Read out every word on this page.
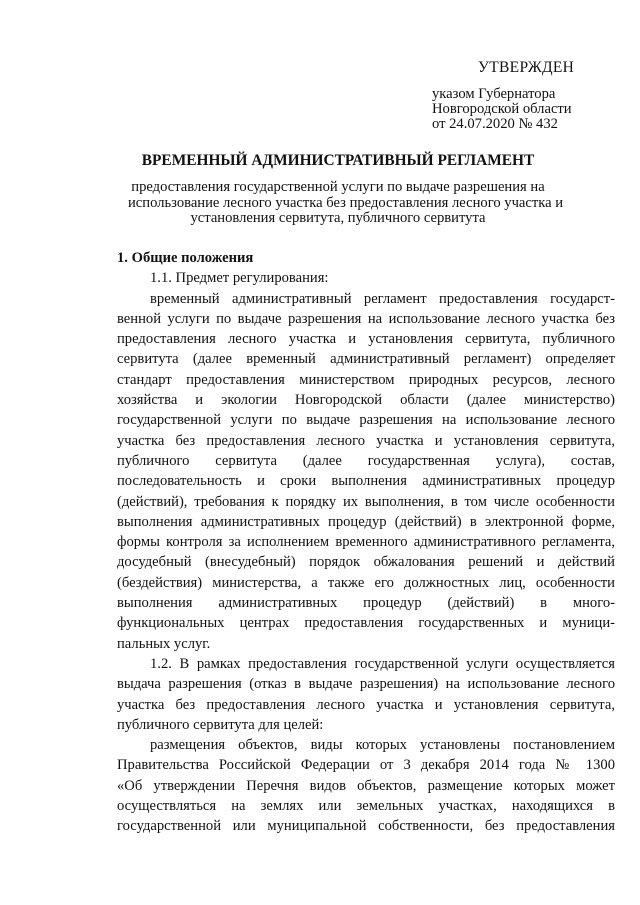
УТВЕРЖДЕН
указом Губернатора
Новгородской области
от 24.07.2020 № 432
ВРЕМЕННЫЙ АДМИНИСТРАТИВНЫЙ РЕГЛАМЕНТ
предоставления государственной услуги по выдаче разрешения на
использование лесного участка без предоставления лесного участка и
установления сервитута, публичного сервитута
1. Общие положения
1.1. Предмет регулирования:
временный административный регламент предоставления государст-
венной услуги по выдаче разрешения на использование лесного участка без
предоставления лесного участка и установления сервитута, публичного
сервитута (далее временный административный регламент) определяет
стандарт предоставления министерством природных ресурсов, лесного
хозяйства и экологии Новгородской области (далее министерство)
государственной услуги по выдаче разрешения на использование лесного
участка без предоставления лесного участка и установления сервитута,
публичного сервитута (далее государственная услуга), состав,
последовательность и сроки выполнения административных процедур
(действий), требования к порядку их выполнения, в том числе особенности
выполнения административных процедур (действий) в электронной форме,
формы контроля за исполнением временного административного регламента,
досудебный (внесудебный) порядок обжалования решений и действий
(бездействия) министерства, а также его должностных лиц, особенности
выполнения административных процедур (действий) в много-
функциональных центрах предоставления государственных и муници-
пальных услуг.
1.2. В рамках предоставления государственной услуги осуществляется
выдача разрешения (отказ в выдаче разрешения) на использование лесного
участка без предоставления лесного участка и установления сервитута,
публичного сервитута для целей:
размещения объектов, виды которых установлены постановлением
Правительства Российской Федерации от 3 декабря 2014 года № 1300
«Об утверждении Перечня видов объектов, размещение которых может
осуществляться на землях или земельных участках, находящихся в
государственной или муниципальной собственности, без предоставления
